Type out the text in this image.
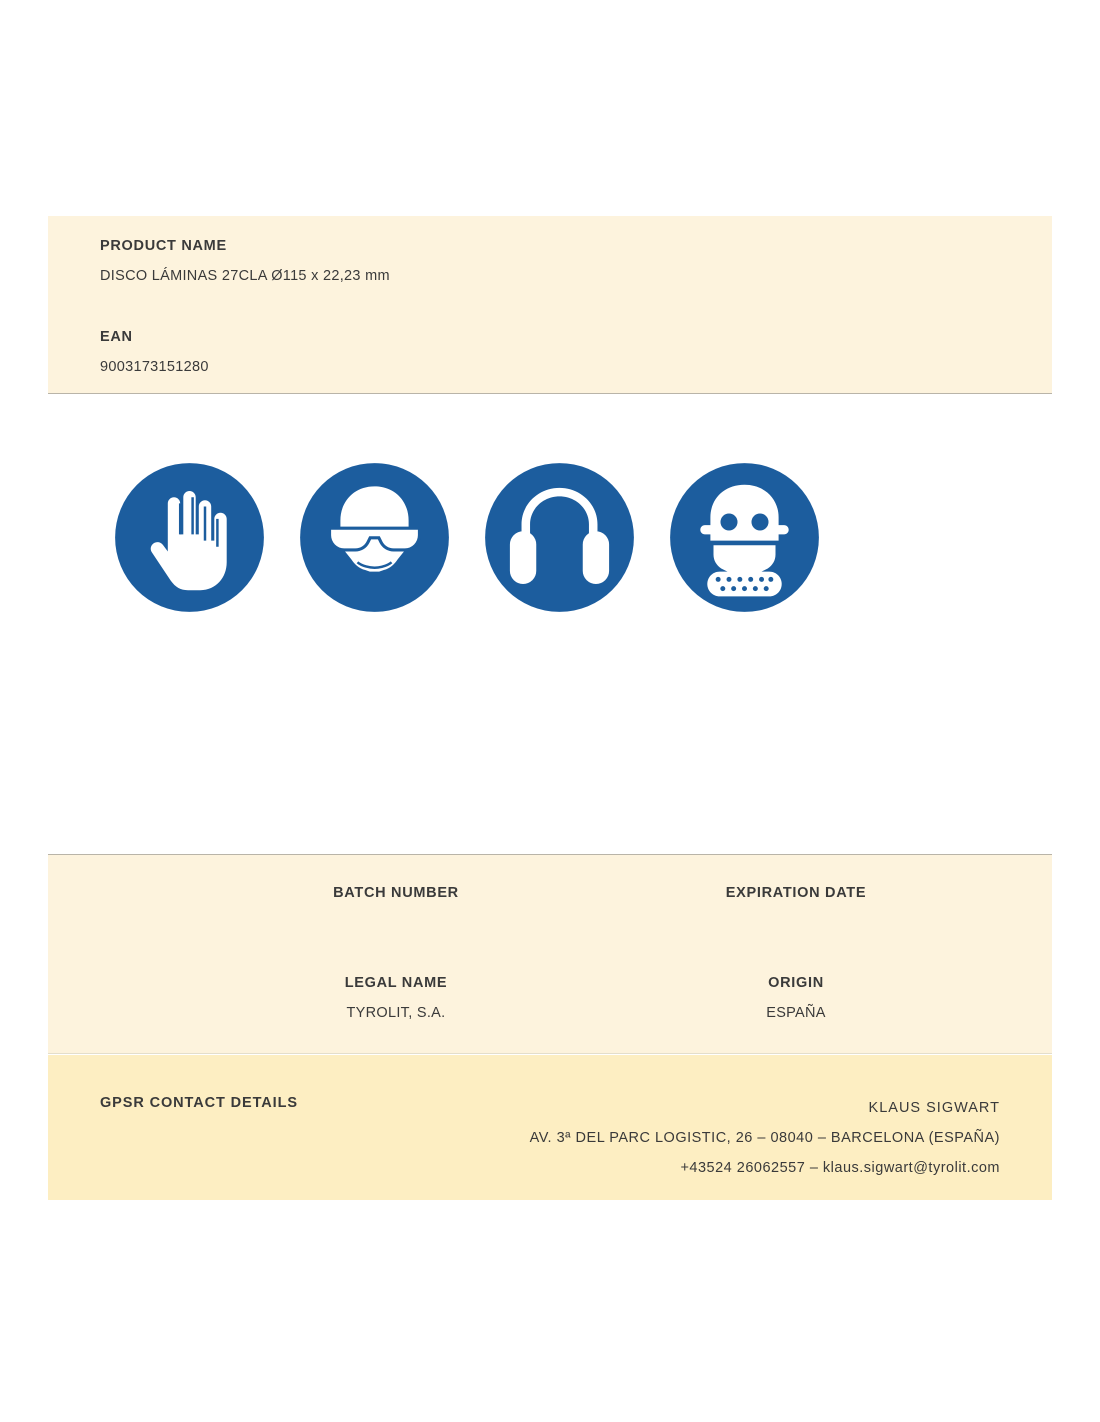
PRODUCT NAME
DISCO LÁMINAS 27CLA Ø115 x 22,23 mm
EAN
9003173151280
BATCH NUMBER	EXPIRATION DATE
LEGAL NAME
TYROLIT, S.A.
ORIGIN
ESPAÑA
GPSR CONTACT DETAILS	KLAUS SIGWART
AV. 3ª DEL PARC LOGISTIC, 26 – 08040 – BARCELONA (ESPAÑA)
+43524 26062557 – klaus.sigwart@tyrolit.com
